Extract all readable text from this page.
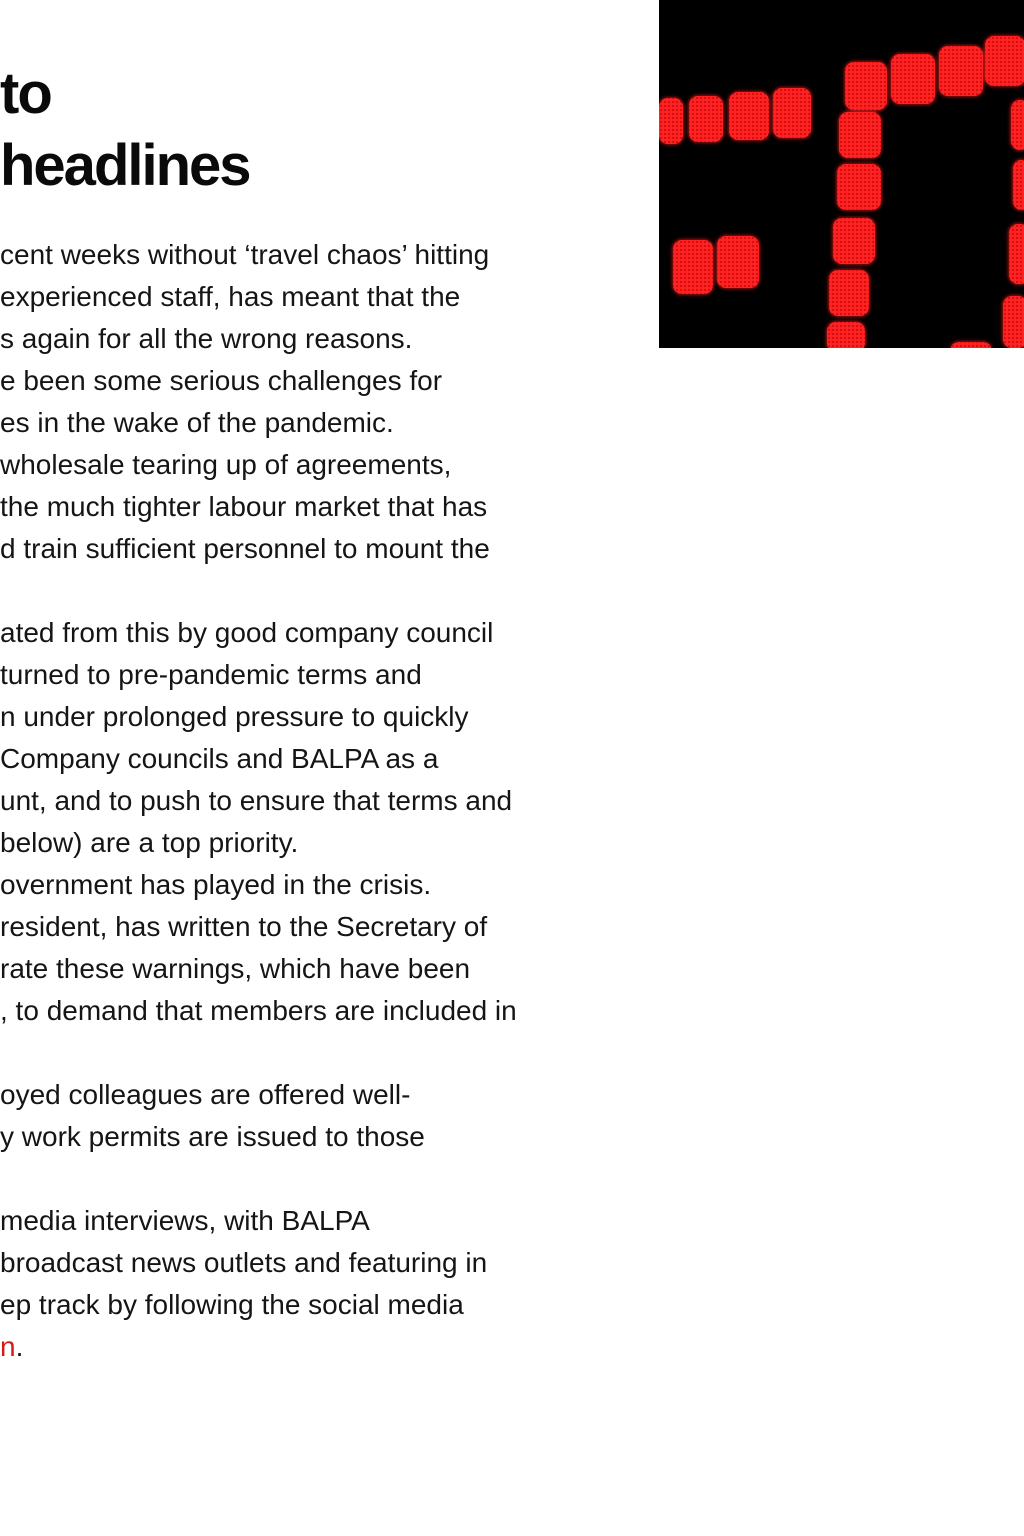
to
headlines
cent weeks without ‘travel chaos’ hitting
experienced staff, has meant that the
s again for all the wrong reasons.
e been some serious challenges for
es in the wake of the pandemic.
wholesale tearing up of agreements,
the much tighter labour market that has
d train sufficient personnel to mount the
ated from this by good company council
turned to pre-pandemic terms and
n under prolonged pressure to quickly
Company councils and BALPA as a
unt, and to push to ensure that terms and
below) are a top priority.
overnment has played in the crisis.
resident, has written to the Secretary of
rate these warnings, which have been
, to demand that members are included in
oyed colleagues are offered well-
y work permits are issued to those
media interviews, with BALPA
broadcast news outlets and featuring in
ep track by following the social media
n.
